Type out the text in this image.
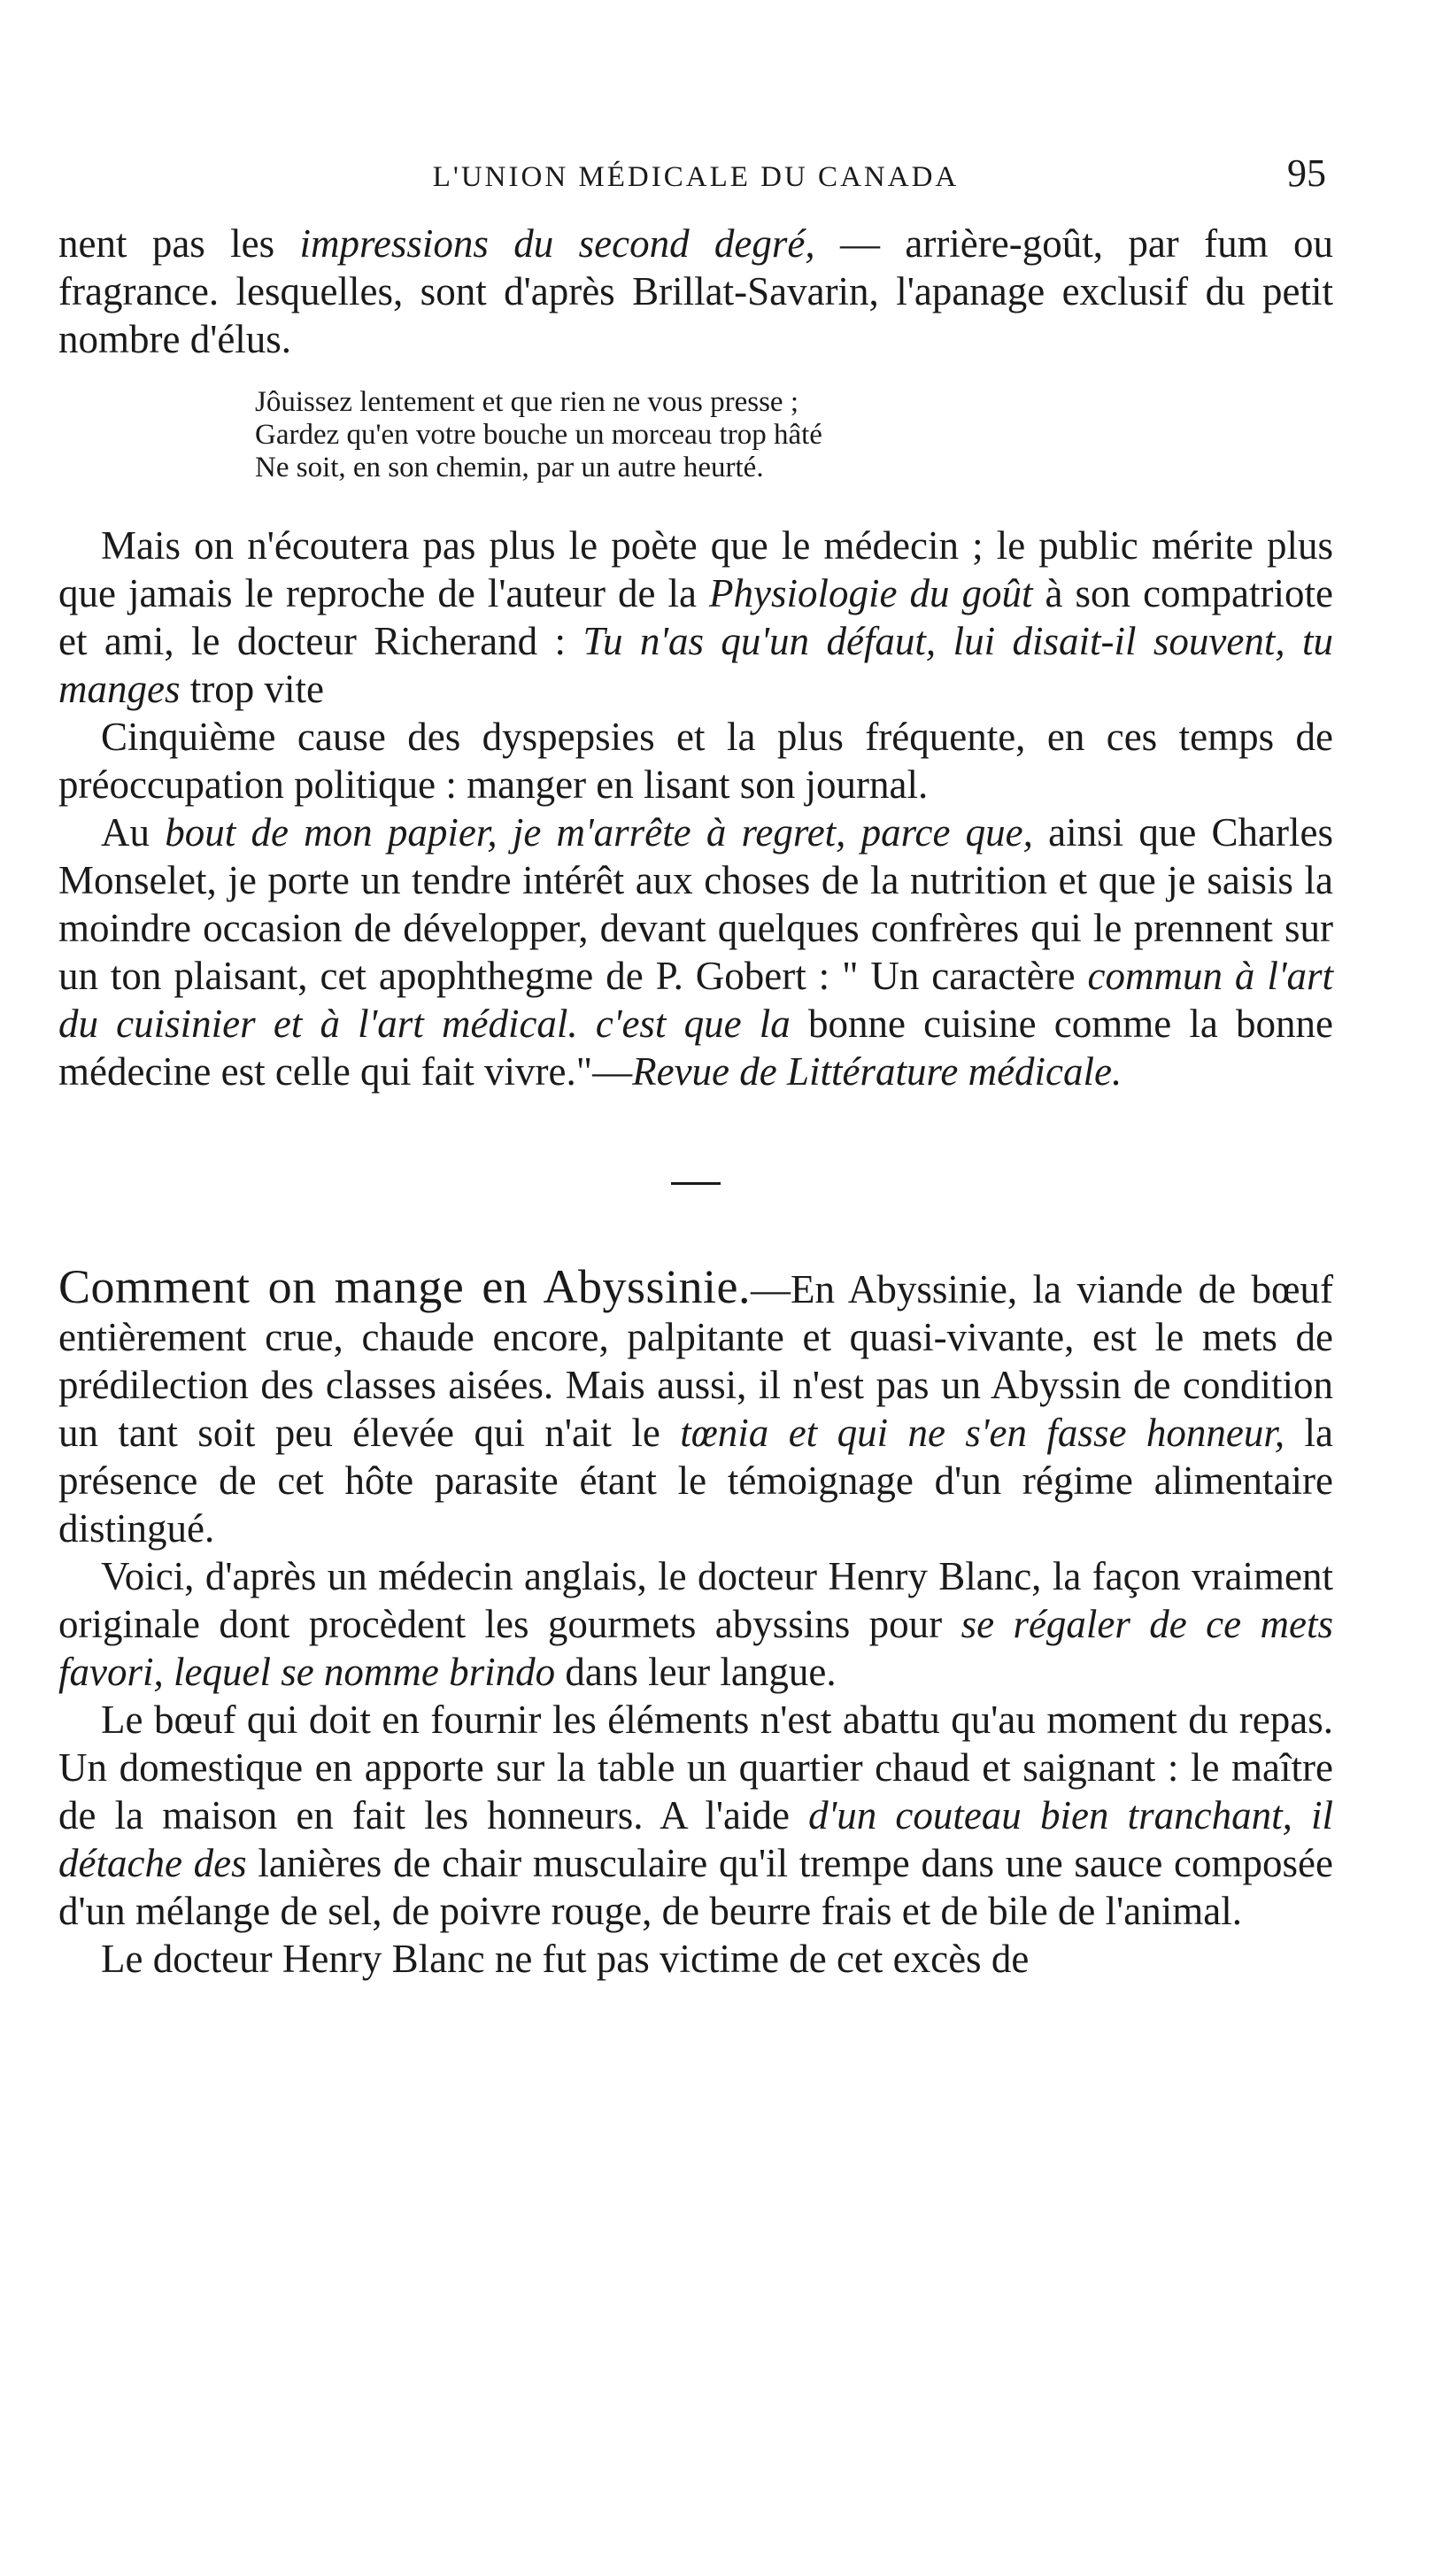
L'UNION MÉDICALE DU CANADA	95

nent pas les impressions du second degré, — arrière-goût, par fum ou fragrance. lesquelles, sont d'après Brillat-Savarin, l'apanage exclusif du petit nombre d'élus.

Jôuissez lentement et que rien ne vous presse ;
Gardez qu'en votre bouche un morceau trop hâté
Ne soit, en son chemin, par un autre heurté.

Mais on n'écoutera pas plus le poète que le médecin ; le public mérite plus que jamais le reproche de l'auteur de la Physiologie du goût à son compatriote et ami, le docteur Richerand : Tu n'as qu'un défaut, lui disait-il souvent, tu manges trop vite

Cinquième cause des dyspepsies et la plus fréquente, en ces temps de préoccupation politique : manger en lisant son journal.

Au bout de mon papier, je m'arrête à regret, parce que, ainsi que Charles Monselet, je porte un tendre intérêt aux choses de la nutrition et que je saisis la moindre occasion de développer, devant quelques confrères qui le prennent sur un ton plaisant, cet apophthegme de P. Gobert : " Un caractère commun à l'art du cuisinier et à l'art médical. c'est que la bonne cuisine comme la bonne médecine est celle qui fait vivre."—Revue de Littérature médicale.

Comment on mange en Abyssinie.—En Abyssinie, la viande de bœuf entièrement crue, chaude encore, palpitante et quasi-vivante, est le mets de prédilection des classes aisées. Mais aussi, il n'est pas un Abyssin de condition un tant soit peu élevée qui n'ait le tœnia et qui ne s'en fasse honneur, la présence de cet hôte parasite étant le témoignage d'un régime alimentaire distingué.

Voici, d'après un médecin anglais, le docteur Henry Blanc, la façon vraiment originale dont procèdent les gourmets abyssins pour se régaler de ce mets favori, lequel se nomme brindo dans leur langue.

Le bœuf qui doit en fournir les éléments n'est abattu qu'au moment du repas. Un domestique en apporte sur la table un quartier chaud et saignant : le maître de la maison en fait les honneurs. A l'aide d'un couteau bien tranchant, il détache des lanières de chair musculaire qu'il trempe dans une sauce composée d'un mélange de sel, de poivre rouge, de beurre frais et de bile de l'animal.

Le docteur Henry Blanc ne fut pas victime de cet excès de
